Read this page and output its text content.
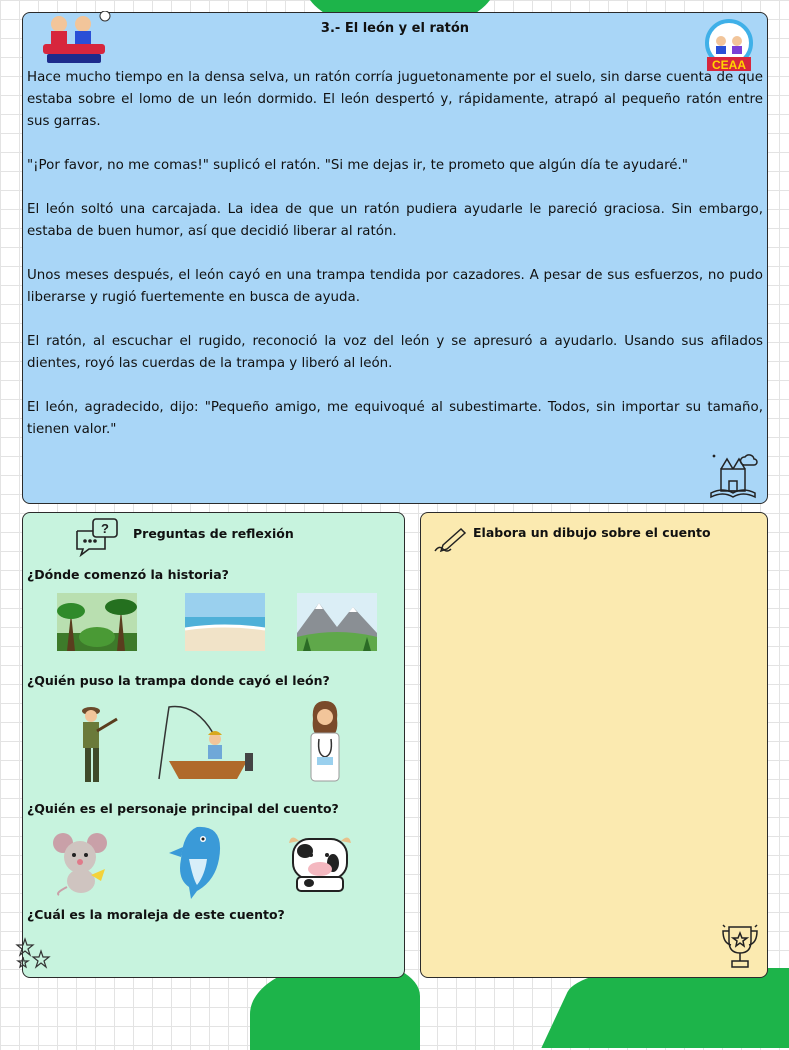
CEAA
3.- El león y el ratón

Hace mucho tiempo en la densa selva, un ratón corría juguetonamente por el suelo, sin darse cuenta de que estaba sobre el lomo de un león dormido. El león despertó y, rápidamente, atrapó al pequeño ratón entre sus garras.

"¡Por favor, no me comas!" suplicó el ratón. "Si me dejas ir, te prometo que algún día te ayudaré."

El león soltó una carcajada. La idea de que un ratón pudiera ayudarle le pareció graciosa. Sin embargo, estaba de buen humor, así que decidió liberar al ratón.

Unos meses después, el león cayó en una trampa tendida por cazadores. A pesar de sus esfuerzos, no pudo liberarse y rugió fuertemente en busca de ayuda.

El ratón, al escuchar el rugido, reconoció la voz del león y se apresuró a ayudarlo. Usando sus afilados dientes, royó las cuerdas de la trampa y liberó al león.

El león, agradecido, dijo: "Pequeño amigo, me equivoqué al subestimarte. Todos, sin importar su tamaño, tienen valor."

? Preguntas de reflexión
¿Dónde comenzó la historia?
¿Quién puso la trampa donde cayó el león?
¿Quién es el personaje principal del cuento?
¿Cuál es la moraleja de este cuento?
Elabora un dibujo sobre el cuento
